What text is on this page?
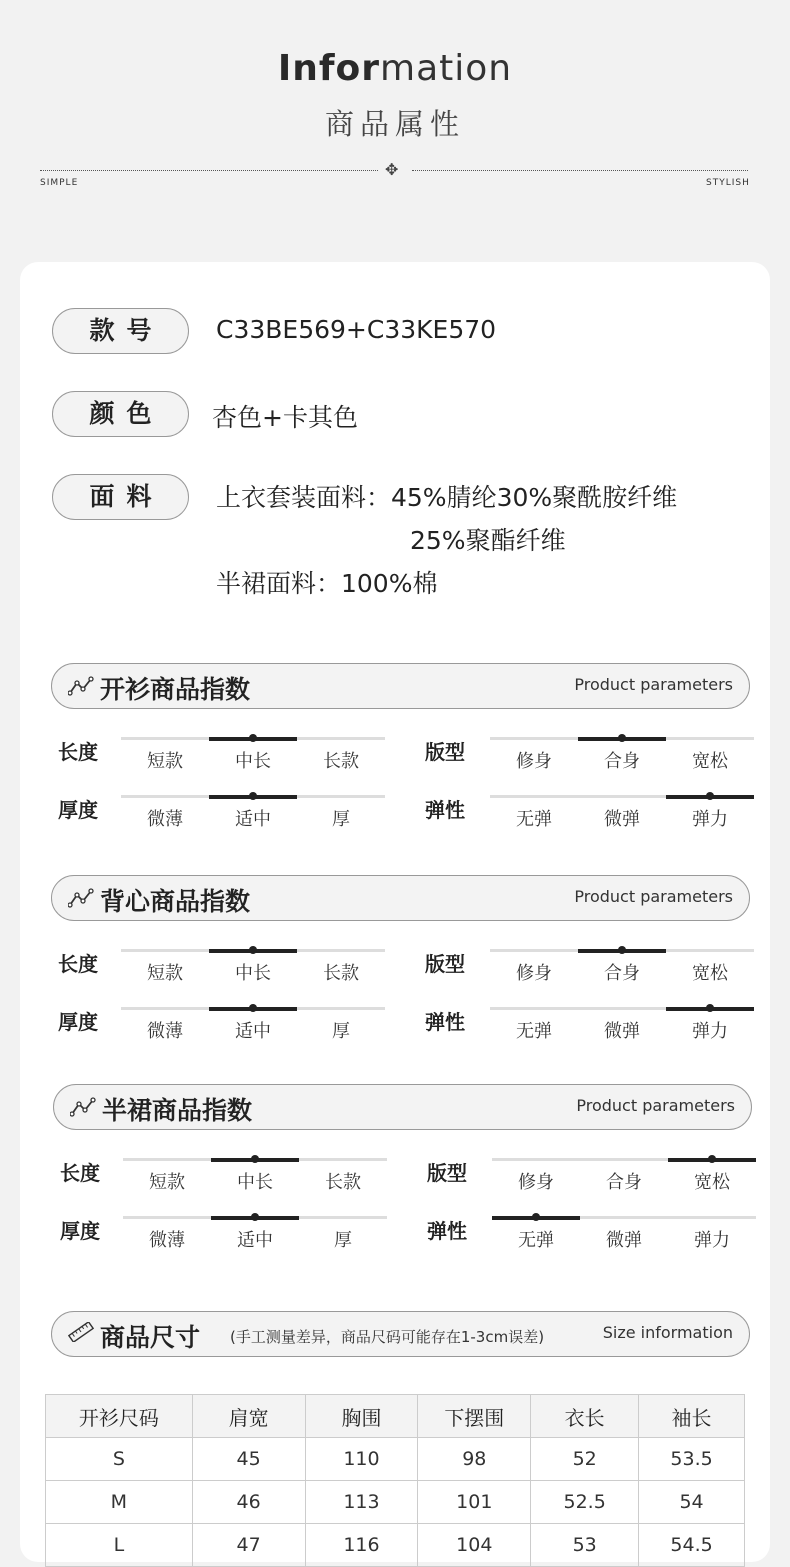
Information
商品属性
✥
SIMPLE	STYLISH
款号	C33BE569+C33KE570
颜色	杏色+卡其色
面料	上衣套装面料：45%腈纶30%聚酰胺纤维
25%聚酯纤维
半裙面料：100%棉
开衫商品指数	Product parameters
长度	短款	中长	长款	版型	修身	合身	宽松
厚度	微薄	适中	厚	弹性	无弹	微弹	弹力
背心商品指数	Product parameters
长度	短款	中长	长款	版型	修身	合身	宽松
厚度	微薄	适中	厚	弹性	无弹	微弹	弹力
半裙商品指数	Product parameters
长度	短款	中长	长款	版型	修身	合身	宽松
厚度	微薄	适中	厚	弹性	无弹	微弹	弹力
商品尺寸 (手工测量差异，商品尺码可能存在1-3cm误差)	Size information
开衫尺码	肩宽	胸围	下摆围	衣长	袖长
S	45	110	98	52	53.5
M	46	113	101	52.5	54
L	47	116	104	53	54.5
